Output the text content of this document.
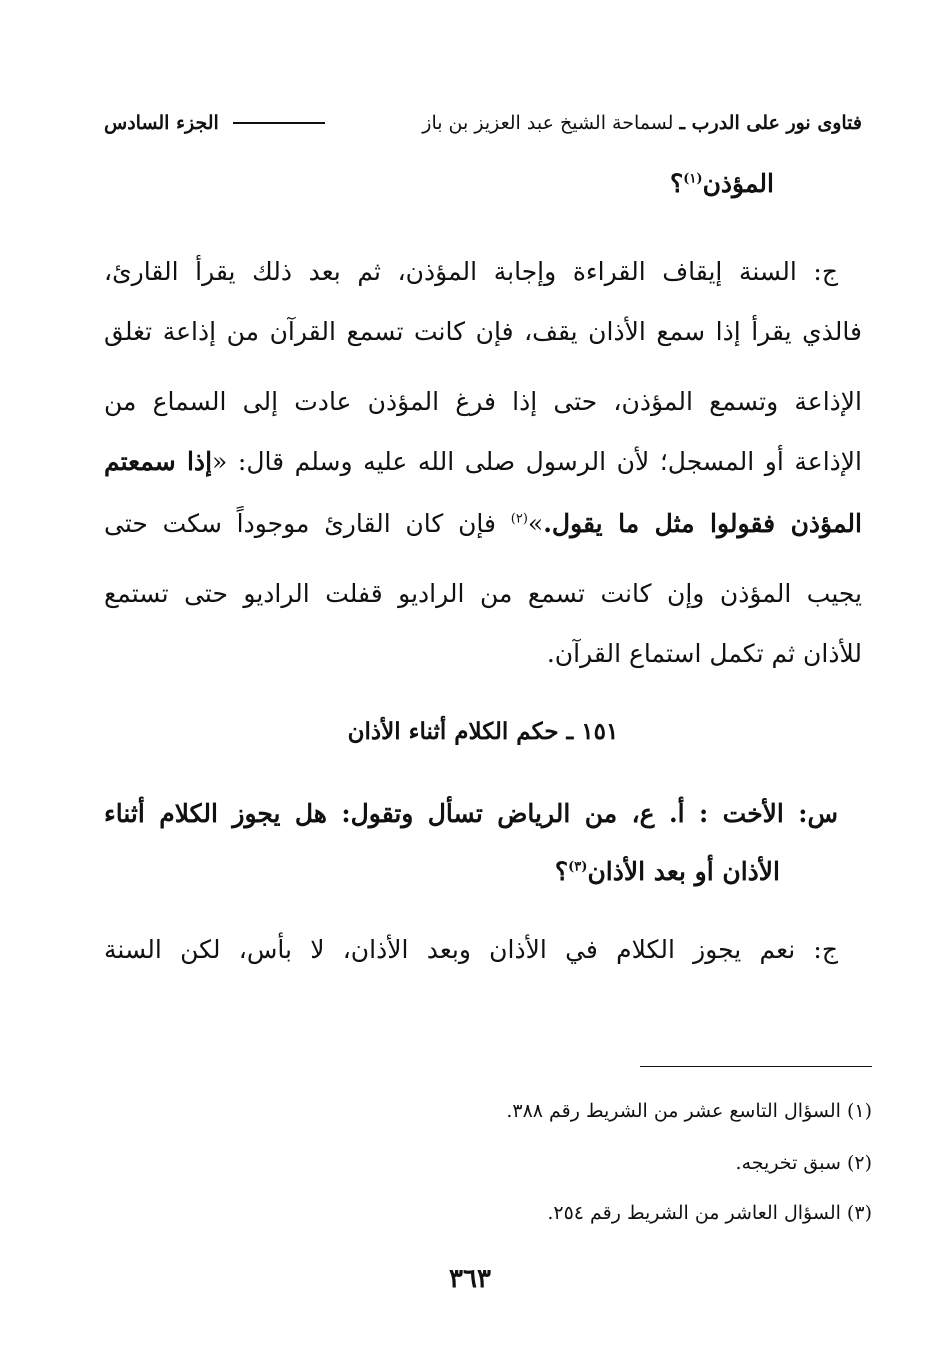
فتاوى نور على الدرب ـ
لسماحة الشيخ عبد العزيز بن باز
الجزء السادس
المؤذن$^{(١)}$؟
ج: السنة إيقاف القراءة وإجابة المؤذن، ثم بعد ذلك يقرأ القارئ،
فالذي يقرأ إذا سمع الأذان يقف، فإن كانت تسمع القرآن من إذاعة تغلق
الإذاعة وتسمع المؤذن، حتى إذا فرغ المؤذن عادت إلى السماع من
الإذاعة أو المسجل؛ لأن الرسول صلى الله عليه وسلم قال: «إذا سمعتم
المؤذن فقولوا مثل ما يقول.»$^{(٢)}$ فإن كان القارئ موجوداً سكت حتى
يجيب المؤذن وإن كانت تسمع من الراديو قفلت الراديو حتى تستمع
للأذان ثم تكمل استماع القرآن.
١٥١ ـ حكم الكلام أثناء الأذان
س: الأخت : أ. ع، من الرياض تسأل وتقول: هل يجوز الكلام أثناء
الأذان أو بعد الأذان$^{(٣)}$؟
ج: نعم يجوز الكلام في الأذان وبعد الأذان، لا بأس، لكن السنة
(١) السؤال التاسع عشر من الشريط رقم ٣٨٨.
(٢) سبق تخريجه.
(٣) السؤال العاشر من الشريط رقم ٢٥٤.
٣٦٣
